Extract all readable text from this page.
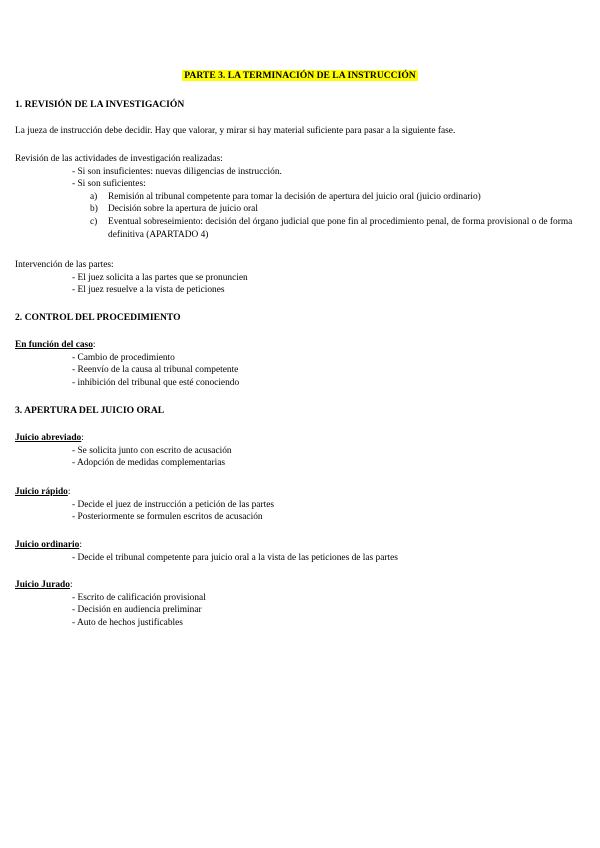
PARTE 3. LA TERMINACIÓN DE LA INSTRUCCIÓN

1. REVISIÓN DE LA INVESTIGACIÓN

La jueza de instrucción debe decidir. Hay que valorar, y mirar si hay material suficiente para pasar a la siguiente fase.

Revisión de las actividades de investigación realizadas:

- Si son insuficientes: nuevas diligencias de instrucción.
- Si son suficientes:
a) Remisión al tribunal competente para tomar la decisión de apertura del juicio oral (juicio ordinario)
b) Decisión sobre la apertura de juicio oral
c) Eventual sobreseimiento: decisión del órgano judicial que pone fin al procedimiento penal, de forma provisional o de forma definitiva (APARTADO 4)

Intervención de las partes:

- El juez solicita a las partes que se pronuncien
- El juez resuelve a la vista de peticiones

2. CONTROL DEL PROCEDIMIENTO

En función del caso:

- Cambio de procedimiento
- Reenvío de la causa al tribunal competente
- inhibición del tribunal que esté conociendo

3. APERTURA DEL JUICIO ORAL

Juicio abreviado:

- Se solicita junto con escrito de acusación
- Adopción de medidas complementarias

Juicio rápido:

- Decide el juez de instrucción a petición de las partes
- Posteriormente se formulen escritos de acusación

Juicio ordinario:

- Decide el tribunal competente para juicio oral a la vista de las peticiones de las partes

Juicio Jurado:

- Escrito de calificación provisional
- Decisión en audiencia preliminar
- Auto de hechos justificables
